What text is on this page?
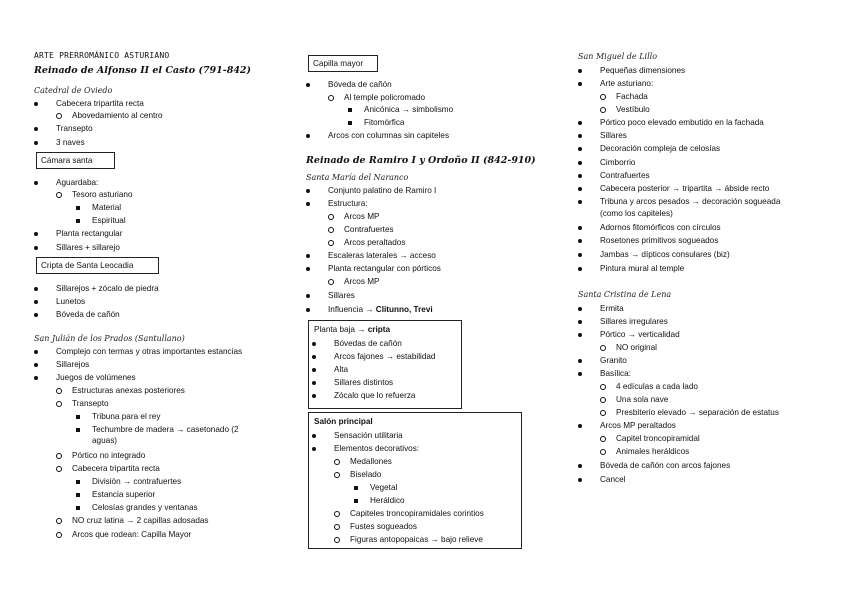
ARTE PRERROMÁNICO ASTURIANO
Reinado de Alfonso II el Casto (791-842)
Catedral de Oviedo
Cabecera tripartita recta
Abovedamiento al centro
Transepto
3 naves
Cámara santa
Aguardaba:
Tesoro asturiano
Material
Espiritual
Planta rectangular
Sillares + sillarejo
Cripta de Santa Leocadia
Sillarejos + zócalo de piedra
Lunetos
Bóveda de cañón
San Julián de los Prados (Santullano)
Complejo con termas y otras importantes estancias
Sillarejos
Juegos de volúmenes
Estructuras anexas posteriores
Transepto
Tribuna para el rey
Techumbre de madera → casetonado (2
aguas)
Pórtico no integrado
Cabecera tripartita recta
División → contrafuertes
Estancia superior
Celosías grandes y ventanas
NO cruz latina → 2 capillas adosadas
Arcos que rodean: Capilla Mayor
Capilla mayor
Bóveda de cañón
Al temple policromado
Anicónica → simbolismo
Fitomórfica
Arcos con columnas sin capiteles
Reinado de Ramiro I y Ordoño II (842-910)
Santa María del Naranco
Conjunto palatino de Ramiro I
Estructura:
Arcos MP
Contrafuertes
Arcos peraltados
Escaleras laterales → acceso
Planta rectangular con pórticos
Arcos MP
Sillares
Influencia → Clitunno, Trevi
Planta baja → cripta
Bóvedas de cañón
Arcos fajones → estabilidad
Alta
Sillares distintos
Zócalo que lo refuerza
Salón principal
Sensación utilitaria
Elementos decorativos:
Medallones
Biselado
Vegetal
Heráldico
Capiteles troncopiramidales corintios
Fustes sogueados
Figuras antopopaicas → bajo relieve
San Miguel de Lillo
Pequeñas dimensiones
Arte asturiano:
Fachada
Vestíbulo
Pórtico poco elevado embutido en la fachada
Sillares
Decoración compleja de celosías
Cimborrio
Contrafuertes
Cabecera posterior → tripartita → ábside recto
Tribuna y arcos pesados → decoración sogueada
(como los capiteles)
Adornos fitomórficos con círculos
Rosetones primitivos sogueados
Jambas → dípticos consulares (biz)
Pintura mural al temple
Santa Cristina de Lena
Ermita
Sillares irregulares
Pórtico → verticalidad
NO original
Granito
Basílica:
4 edículas a cada lado
Una sola nave
Presbiterio elevado → separación de estatus
Arcos MP peraltados
Capitel troncopiramidal
Animales heráldicos
Bóveda de cañón con arcos fajones
Cancel
